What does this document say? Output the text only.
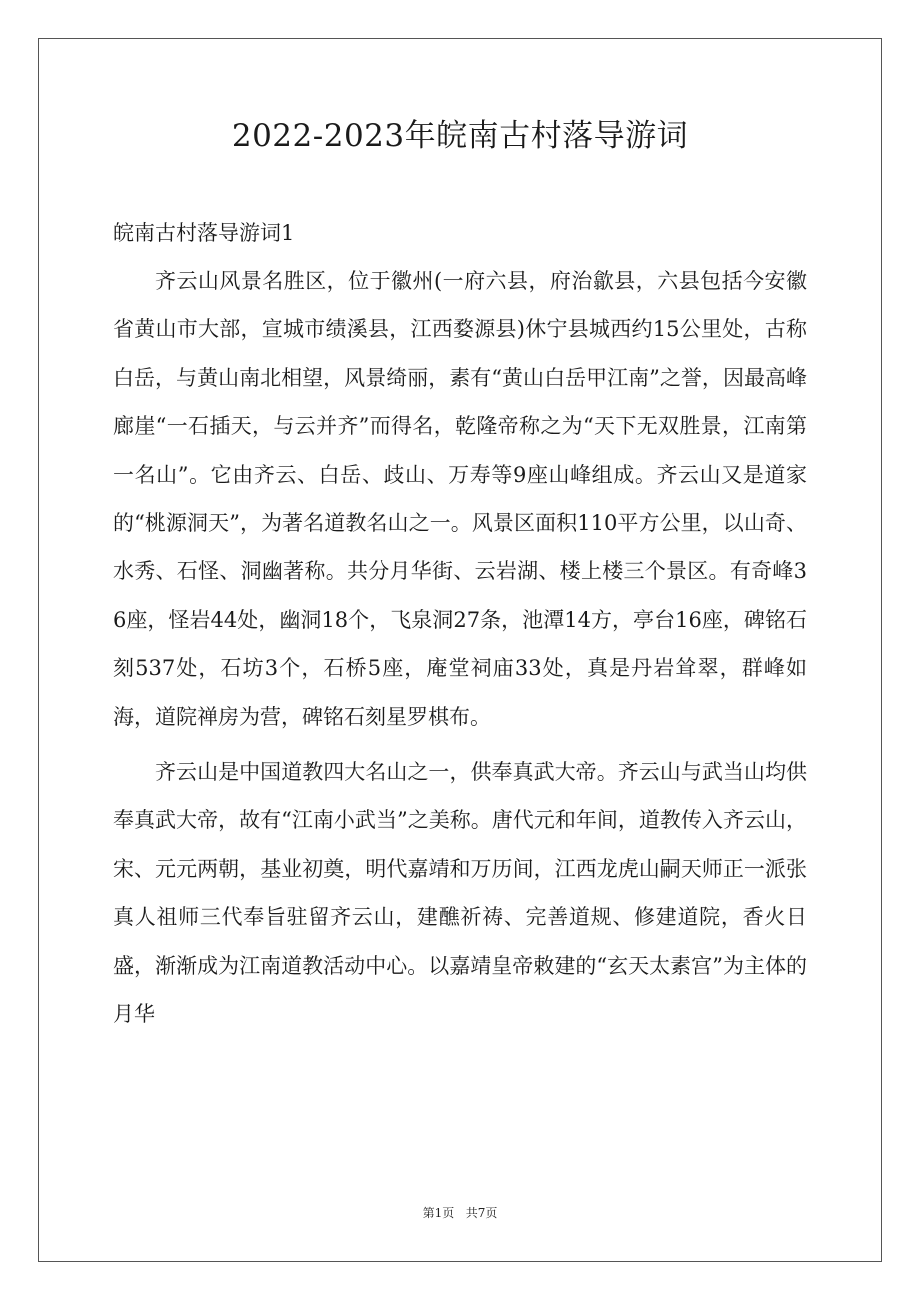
2022-2023年皖南古村落导游词

皖南古村落导游词1

齐云山风景名胜区，位于徽州(一府六县，府治歙县，六县包括今安徽省黄山市大部，宣城市绩溪县，江西婺源县)休宁县城西约15公里处，古称白岳，与黄山南北相望，风景绮丽，素有“黄山白岳甲江南”之誉，因最高峰廊崖“一石插天，与云并齐”而得名，乾隆帝称之为“天下无双胜景，江南第一名山”。它由齐云、白岳、歧山、万寿等9座山峰组成。齐云山又是道家的“桃源洞天”，为著名道教名山之一。风景区面积110平方公里，以山奇、水秀、石怪、洞幽著称。共分月华街、云岩湖、楼上楼三个景区。有奇峰36座，怪岩44处，幽洞18个，飞泉洞27条，池潭14方，亭台16座，碑铭石刻537处，石坊3个，石桥5座，庵堂祠庙33处，真是丹岩耸翠，群峰如海，道院禅房为营，碑铭石刻星罗棋布。

齐云山是中国道教四大名山之一，供奉真武大帝。齐云山与武当山均供奉真武大帝，故有“江南小武当”之美称。唐代元和年间，道教传入齐云山，宋、元元两朝，基业初奠，明代嘉靖和万历间，江西龙虎山嗣天师正一派张真人祖师三代奉旨驻留齐云山，建醮祈祷、完善道规、修建道院，香火日盛，渐渐成为江南道教活动中心。以嘉靖皇帝敕建的“玄天太素宫”为主体的月华

第1页   共7页
